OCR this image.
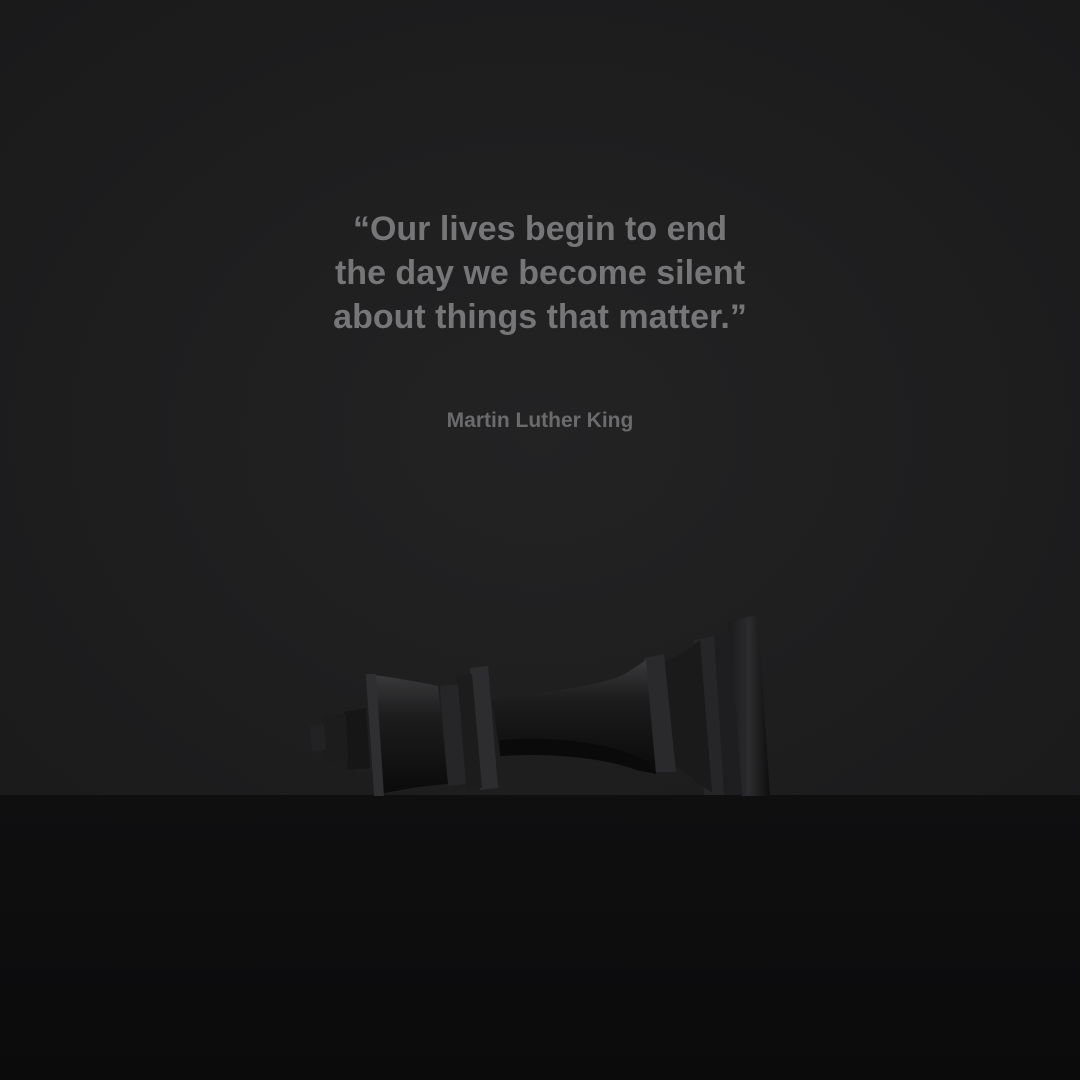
“Our lives begin to end
the day we become silent
about things that matter.”
Martin Luther King
